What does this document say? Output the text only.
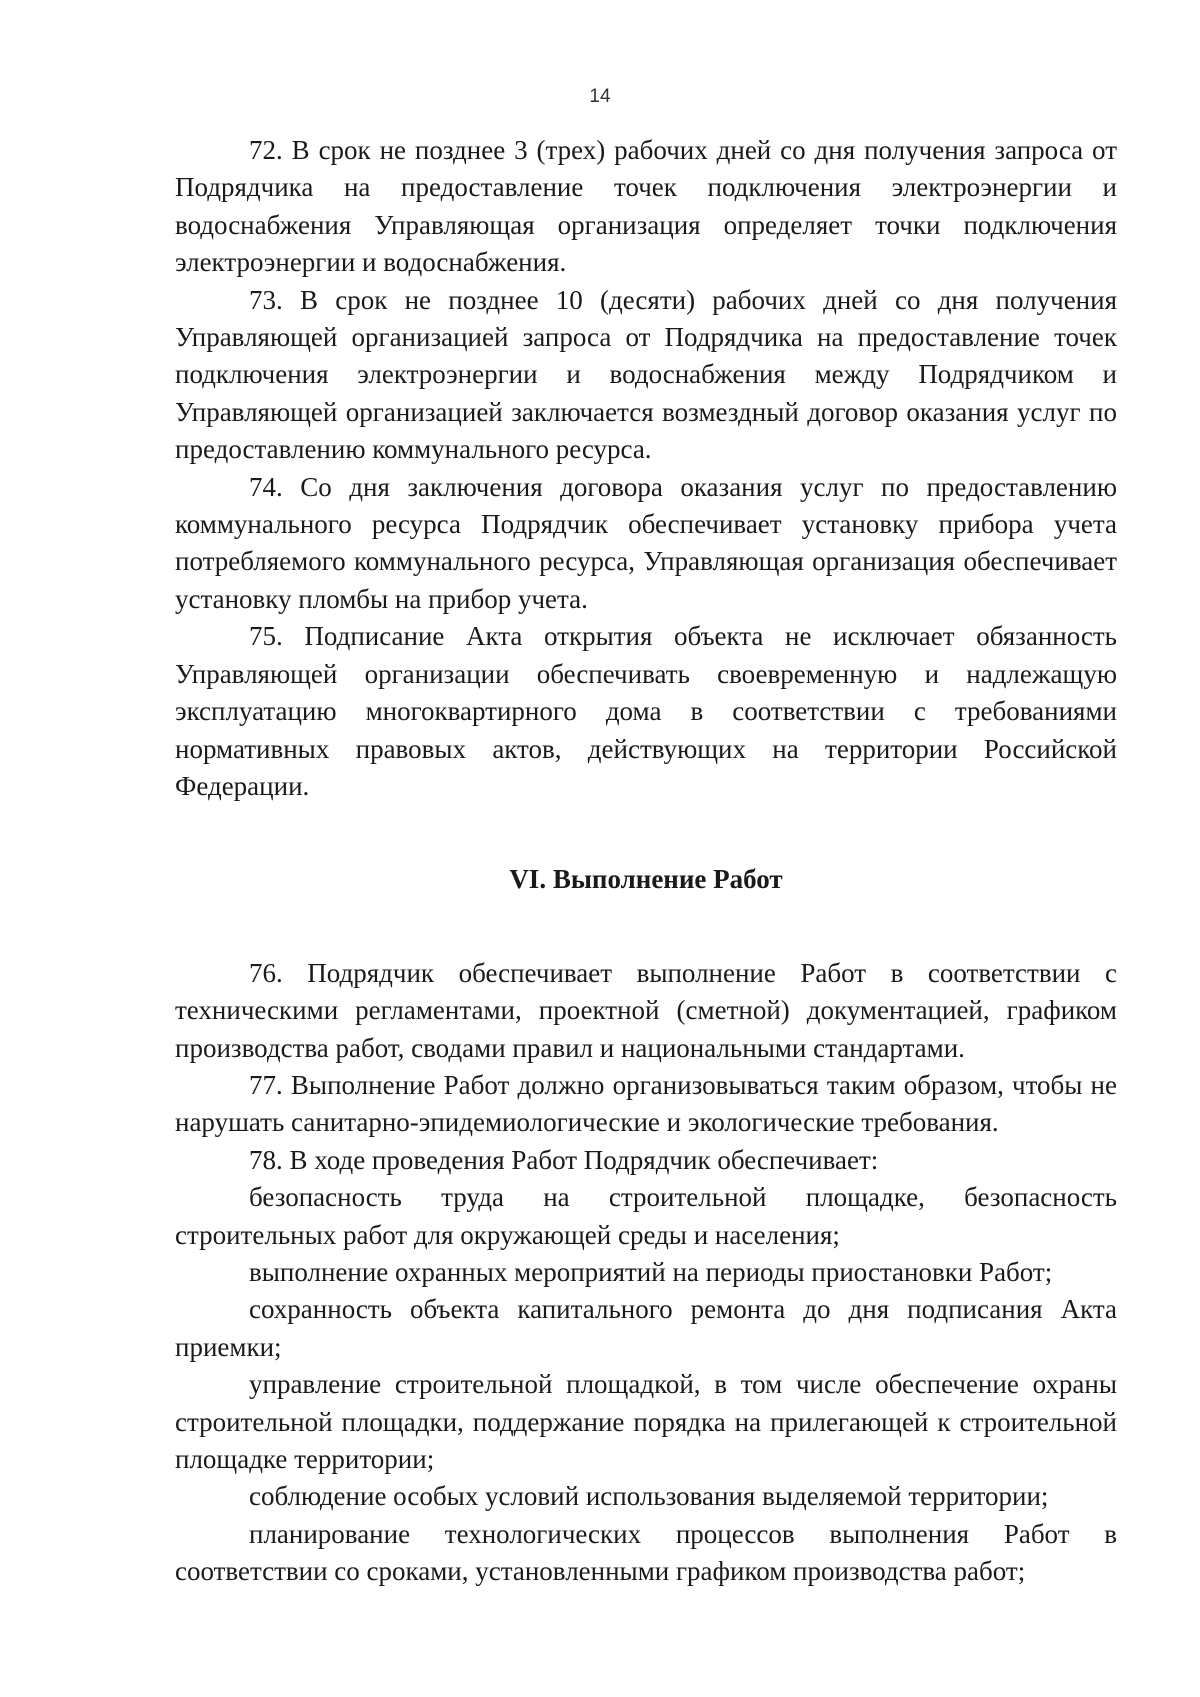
14

72. В срок не позднее 3 (трех) рабочих дней со дня получения запроса от Подрядчика на предоставление точек подключения электроэнергии и водоснабжения Управляющая организация определяет точки подключения электроэнергии и водоснабжения.

73. В срок не позднее 10 (десяти) рабочих дней со дня получения Управляющей организацией запроса от Подрядчика на предоставление точек подключения электроэнергии и водоснабжения между Подрядчиком и Управляющей организацией заключается возмездный договор оказания услуг по предоставлению коммунального ресурса.

74. Со дня заключения договора оказания услуг по предоставлению коммунального ресурса Подрядчик обеспечивает установку прибора учета потребляемого коммунального ресурса, Управляющая организация обеспечивает установку пломбы на прибор учета.

75. Подписание Акта открытия объекта не исключает обязанность Управляющей организации обеспечивать своевременную и надлежащую эксплуатацию многоквартирного дома в соответствии с требованиями нормативных правовых актов, действующих на территории Российской Федерации.

VI. Выполнение Работ

76. Подрядчик обеспечивает выполнение Работ в соответствии с техническими регламентами, проектной (сметной) документацией, графиком производства работ, сводами правил и национальными стандартами.

77. Выполнение Работ должно организовываться таким образом, чтобы не нарушать санитарно-эпидемиологические и экологические требования.

78. В ходе проведения Работ Подрядчик обеспечивает:

безопасность труда на строительной площадке, безопасность строительных работ для окружающей среды и населения;

выполнение охранных мероприятий на периоды приостановки Работ;

сохранность объекта капитального ремонта до дня подписания Акта приемки;

управление строительной площадкой, в том числе обеспечение охраны строительной площадки, поддержание порядка на прилегающей к строительной площадке территории;

соблюдение особых условий использования выделяемой территории;

планирование технологических процессов выполнения Работ в соответствии со сроками, установленными графиком производства работ;
